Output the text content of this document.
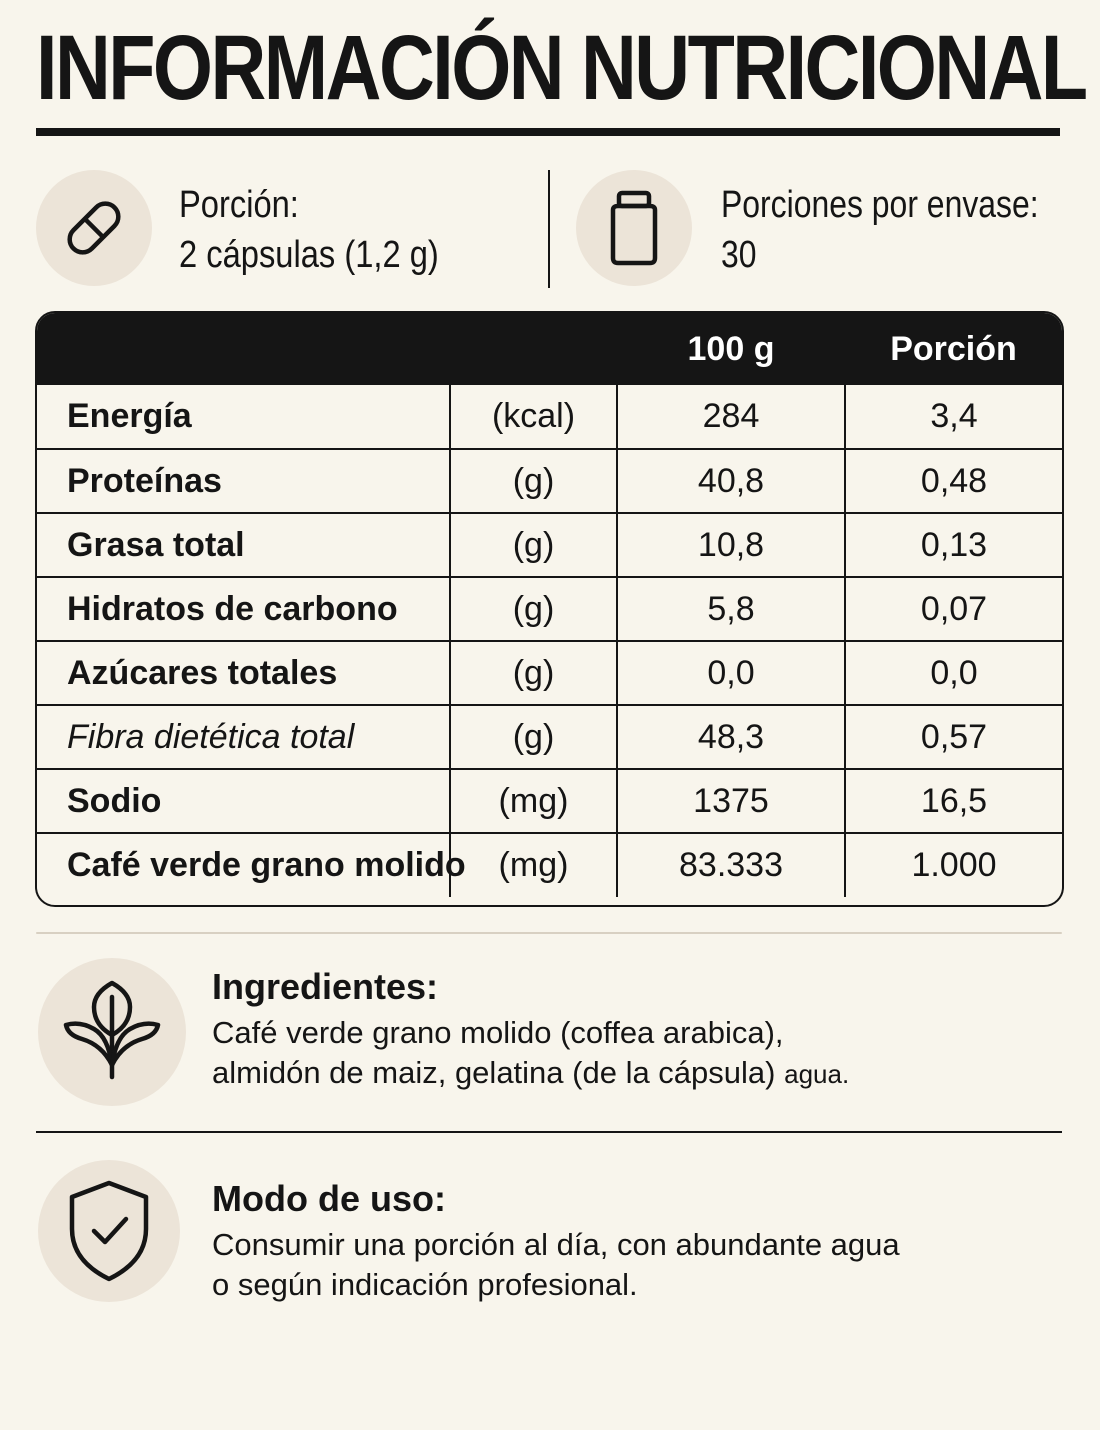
INFORMACIÓN NUTRICIONAL
Porción:
2 cápsulas (1,2 g)
Porciones por envase:
30
		100 g	Porción
Energía	(kcal)	284	3,4
Proteínas	(g)	40,8	0,48
Grasa total	(g)	10,8	0,13
Hidratos de carbono	(g)	5,8	0,07
Azúcares totales	(g)	0,0	0,0
Fibra dietética total	(g)	48,3	0,57
Sodio	(mg)	1375	16,5
Café verde grano molido	(mg)	83.333	1.000
Ingredientes:
Café verde grano molido (coffea arabica),
almidón de maiz, gelatina (de la cápsula) agua.
Modo de uso:
Consumir una porción al día, con abundante agua
o según indicación profesional.
